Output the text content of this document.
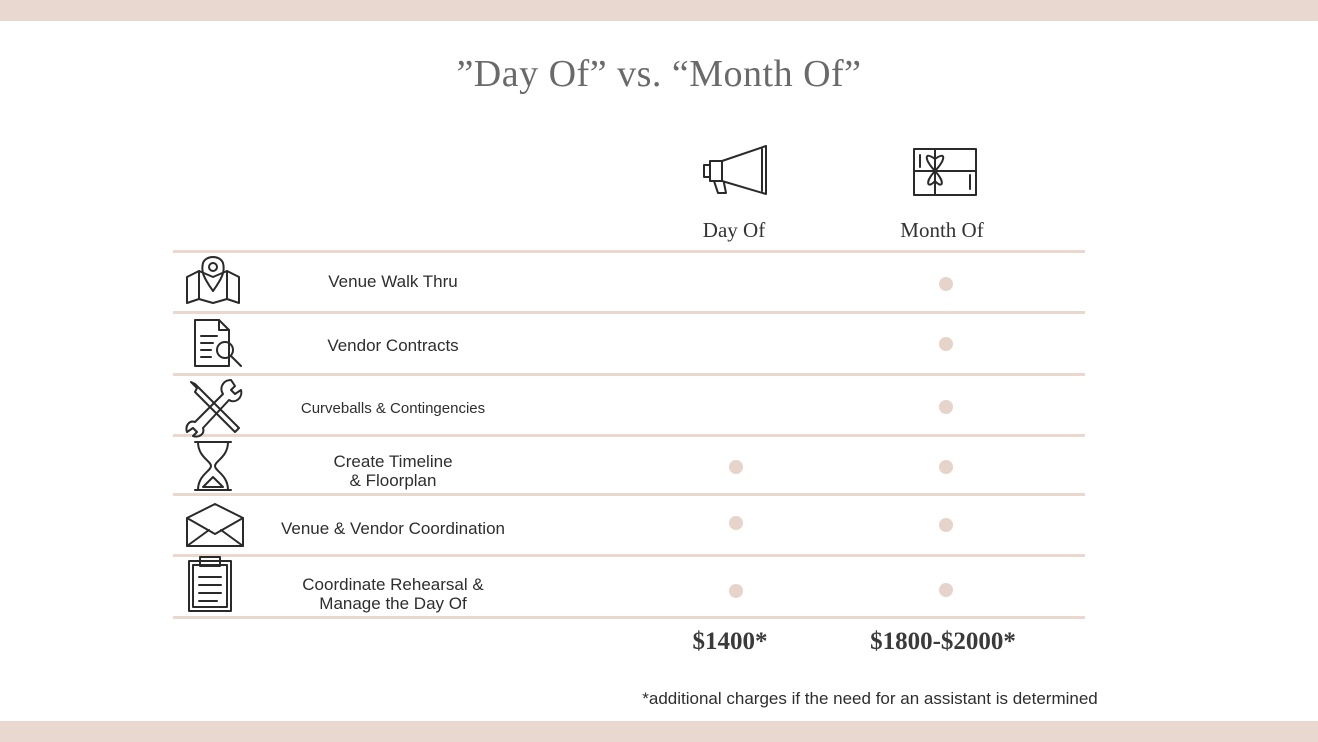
”Day Of” vs. “Month Of”
Day Of	Month Of
Venue Walk Thru
Vendor Contracts
Curveballs & Contingencies
Create Timeline
& Floorplan
Venue & Vendor Coordination
Coordinate Rehearsal &
Manage the Day Of
$1400*	$1800-$2000*
*additional charges if the need for an assistant is determined
